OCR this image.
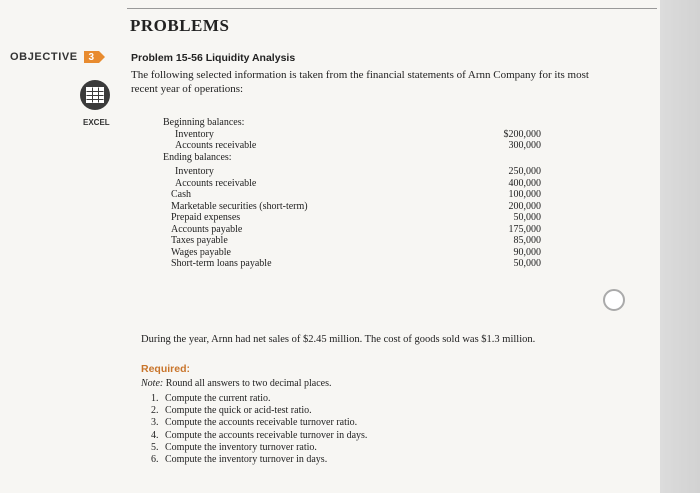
PROBLEMS
OBJECTIVE	3	Problem 15-56 Liquidity Analysis
The following selected information is taken from the financial statements of Arnn Company for its most recent year of operations:
EXCEL	Beginning balances:
Inventory	$200,000
Accounts receivable	300,000
Ending balances:
Inventory	250,000
Accounts receivable	400,000
Cash	100,000
Marketable securities (short-term)	200,000
Prepaid expenses	50,000
Accounts payable	175,000
Taxes payable	85,000
Wages payable	90,000
Short-term loans payable	50,000
During the year, Arnn had net sales of $2.45 million. The cost of goods sold was $1.3 million.
Required:
Note: Round all answers to two decimal places.
1. Compute the current ratio.
2. Compute the quick or acid-test ratio.
3. Compute the accounts receivable turnover ratio.
4. Compute the accounts receivable turnover in days.
5. Compute the inventory turnover ratio.
6. Compute the inventory turnover in days.
